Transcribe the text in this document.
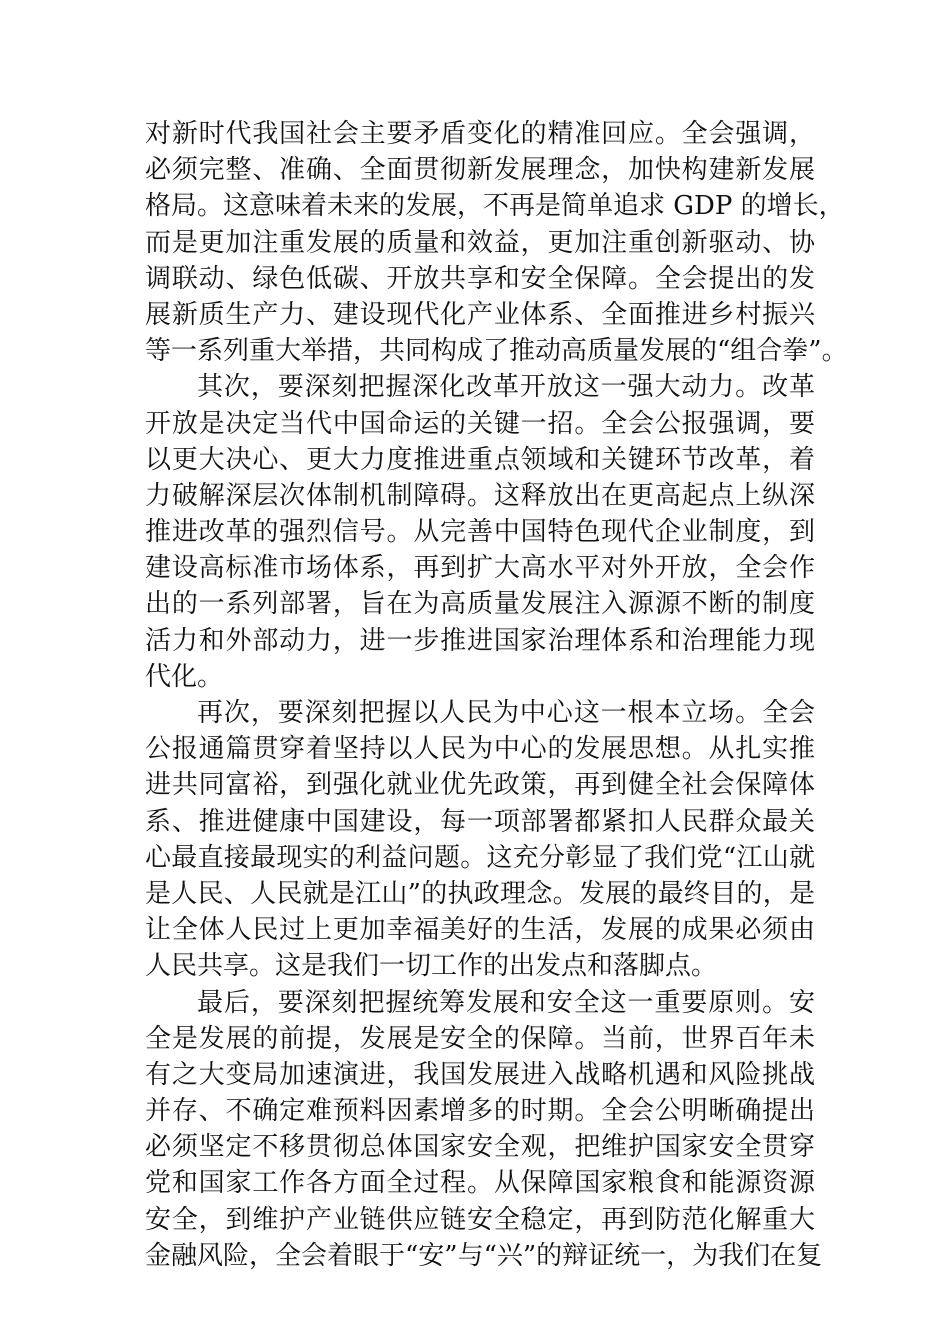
对新时代我国社会主要矛盾变化的精准回应。全会强调，
必须完整、准确、全面贯彻新发展理念，加快构建新发展
格局。这意味着未来的发展，不再是简单追求 GDP 的增长，
而是更加注重发展的质量和效益，更加注重创新驱动、协
调联动、绿色低碳、开放共享和安全保障。全会提出的发
展新质生产力、建设现代化产业体系、全面推进乡村振兴
等一系列重大举措，共同构成了推动高质量发展的“组合拳”。
其次，要深刻把握深化改革开放这一强大动力。改革
开放是决定当代中国命运的关键一招。全会公报强调，要
以更大决心、更大力度推进重点领域和关键环节改革，着
力破解深层次体制机制障碍。这释放出在更高起点上纵深
推进改革的强烈信号。从完善中国特色现代企业制度，到
建设高标准市场体系，再到扩大高水平对外开放，全会作
出的一系列部署，旨在为高质量发展注入源源不断的制度
活力和外部动力，进一步推进国家治理体系和治理能力现
代化。
再次，要深刻把握以人民为中心这一根本立场。全会
公报通篇贯穿着坚持以人民为中心的发展思想。从扎实推
进共同富裕，到强化就业优先政策，再到健全社会保障体
系、推进健康中国建设，每一项部署都紧扣人民群众最关
心最直接最现实的利益问题。这充分彰显了我们党“江山就
是人民、人民就是江山”的执政理念。发展的最终目的，是
让全体人民过上更加幸福美好的生活，发展的成果必须由
人民共享。这是我们一切工作的出发点和落脚点。
最后，要深刻把握统筹发展和安全这一重要原则。安
全是发展的前提，发展是安全的保障。当前，世界百年未
有之大变局加速演进，我国发展进入战略机遇和风险挑战
并存、不确定难预料因素增多的时期。全会公明晰确提出
必须坚定不移贯彻总体国家安全观，把维护国家安全贯穿
党和国家工作各方面全过程。从保障国家粮食和能源资源
安全，到维护产业链供应链安全稳定，再到防范化解重大
金融风险，全会着眼于“安”与“兴”的辩证统一，为我们在复
